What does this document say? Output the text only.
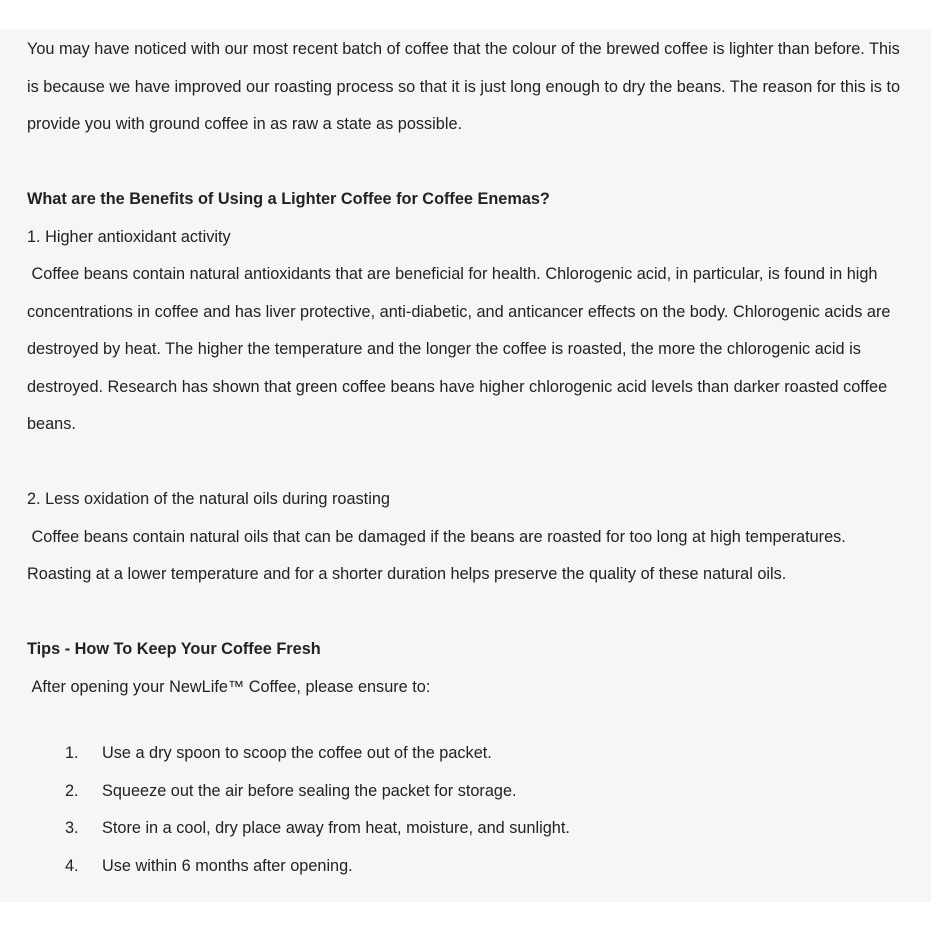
You may have noticed with our most recent batch of coffee that the colour of the brewed coffee is lighter than before. This is because we have improved our roasting process so that it is just long enough to dry the beans. The reason for this is to provide you with ground coffee in as raw a state as possible.

What are the Benefits of Using a Lighter Coffee for Coffee Enemas?

1. Higher antioxidant activity

Coffee beans contain natural antioxidants that are beneficial for health. Chlorogenic acid, in particular, is found in high concentrations in coffee and has liver protective, anti-diabetic, and anticancer effects on the body. Chlorogenic acids are destroyed by heat. The higher the temperature and the longer the coffee is roasted, the more the chlorogenic acid is destroyed. Research has shown that green coffee beans have higher chlorogenic acid levels than darker roasted coffee beans.

2. Less oxidation of the natural oils during roasting

Coffee beans contain natural oils that can be damaged if the beans are roasted for too long at high temperatures. Roasting at a lower temperature and for a shorter duration helps preserve the quality of these natural oils.

Tips - How To Keep Your Coffee Fresh

After opening your NewLife™ Coffee, please ensure to:

1. Use a dry spoon to scoop the coffee out of the packet.
2. Squeeze out the air before sealing the packet for storage.
3. Store in a cool, dry place away from heat, moisture, and sunlight.
4. Use within 6 months after opening.
